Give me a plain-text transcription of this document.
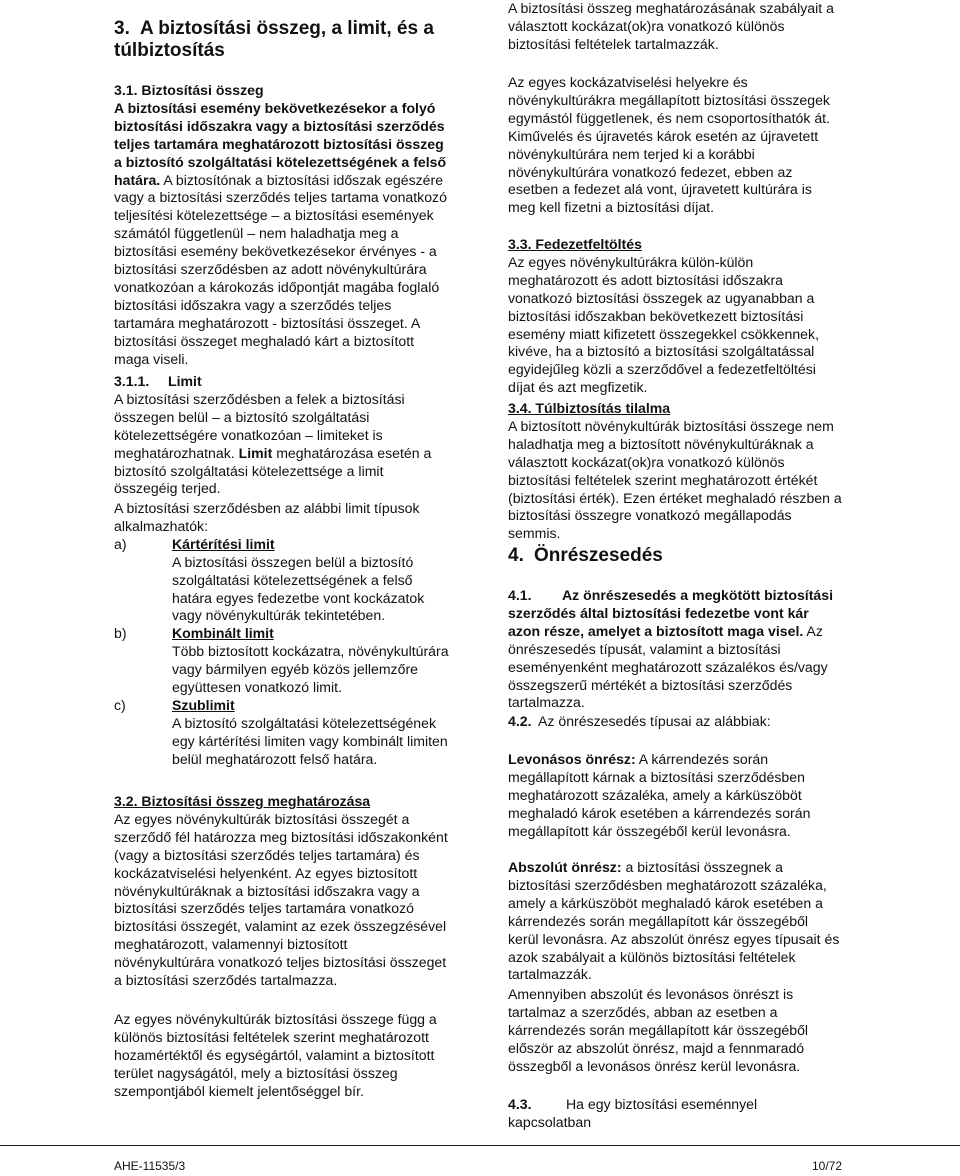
3. A biztosítási összeg, a limit, és a túlbiztosítás

3.1. Biztosítási összeg

A biztosítási esemény bekövetkezésekor a folyó biztosítási időszakra vagy a biztosítási szerződés teljes tartamára meghatározott biztosítási összeg a biztosító szolgáltatási kötelezettségének a felső határa. A biztosítónak a biztosítási időszak egészére vagy a biztosítási szerződés teljes tartama vonatkozó teljesítési kötelezettsége – a biztosítási események számától függetlenül – nem haladhatja meg a biztosítási esemény bekövetkezésekor érvényes - a biztosítási szerződésben az adott növénykultúrára vonatkozóan a károkozás időpontját magába foglaló biztosítási időszakra vagy a szerződés teljes tartamára meghatározott - biztosítási összeget. A biztosítási összeget meghaladó kárt a biztosított maga viseli.

3.1.1. Limit

A biztosítási szerződésben a felek a biztosítási összegen belül – a biztosító szolgáltatási kötelezettségére vonatkozóan – limiteket is meghatározhatnak. Limit meghatározása esetén a biztosító szolgáltatási kötelezettsége a limit összegéig terjed.

A biztosítási szerződésben az alábbi limit típusok alkalmazhatók:

a)	Kártérítési limit

A biztosítási összegen belül a biztosító szolgáltatási kötelezettségének a felső határa egyes fedezetbe vont kockázatok vagy növénykultúrák tekintetében.

b)	Kombinált limit

Több biztosított kockázatra, növénykultúrára vagy bármilyen egyéb közös jellemzőre együttesen vonatkozó limit.

c)	Szublimit

A biztosító szolgáltatási kötelezettségének egy kártérítési limiten vagy kombinált limiten belül meghatározott felső határa.

3.2. Biztosítási összeg meghatározása

Az egyes növénykultúrák biztosítási összegét a szerződő fél határozza meg biztosítási időszakonként (vagy a biztosítási szerződés teljes tartamára) és kockázatviselési helyenként. Az egyes biztosított növénykultúráknak a biztosítási időszakra vagy a biztosítási szerződés teljes tartamára vonatkozó biztosítási összegét, valamint az ezek összegzésével meghatározott, valamennyi biztosított növénykultúrára vonatkozó teljes biztosítási összeget a biztosítási szerződés tartalmazza.

Az egyes növénykultúrák biztosítási összege függ a különös biztosítási feltételek szerint meghatározott hozamértéktől és egységártól, valamint a biztosított terület nagyságától, mely a biztosítási összeg szempontjából kiemelt jelentőséggel bír.

A biztosítási összeg meghatározásának szabályait a választott kockázat(ok)ra vonatkozó különös biztosítási feltételek tartalmazzák.

Az egyes kockázatviselési helyekre és növénykultúrákra megállapított biztosítási összegek egymástól függetlenek, és nem csoportosíthatók át.

Kiművelés és újravetés károk esetén az újravetett növénykultúrára nem terjed ki a korábbi növénykultúrára vonatkozó fedezet, ebben az esetben a fedezet alá vont, újravetett kultúrára is meg kell fizetni a biztosítási díjat.

3.3. Fedezetfeltöltés

Az egyes növénykultúrákra külön-külön meghatározott és adott biztosítási időszakra vonatkozó biztosítási összegek az ugyanabban a biztosítási időszakban bekövetkezett biztosítási esemény miatt kifizetett összegekkel csökkennek, kivéve, ha a biztosító a biztosítási szolgáltatással egyidejűleg közli a szerződővel a fedezetfeltöltési díjat és azt megfizetik.

3.4. Túlbiztosítás tilalma

A biztosított növénykultúrák biztosítási összege nem haladhatja meg a biztosított növénykultúráknak a választott kockázat(ok)ra vonatkozó különös biztosítási feltételek szerint meghatározott értékét (biztosítási érték). Ezen értéket meghaladó részben a biztosítási összegre vonatkozó megállapodás semmis.

4. Önrészesedés

4.1. Az önrészesedés a megkötött biztosítási szerződés által biztosítási fedezetbe vont kár azon része, amelyet a biztosított maga visel. Az önrészesedés típusát, valamint a biztosítási eseményenként meghatározott százalékos és/vagy összegszerű mértékét a biztosítási szerződés tartalmazza.

4.2. Az önrészesedés típusai az alábbiak:

Levonásos önrész: A kárrendezés során megállapított kárnak a biztosítási szerződésben meghatározott százaléka, amely a kárküszöböt meghaladó károk esetében a kárrendezés során megállapított kár összegéből kerül levonásra.

Abszolút önrész: a biztosítási összegnek a biztosítási szerződésben meghatározott százaléka, amely a kárküszöböt meghaladó károk esetében a kárrendezés során megállapított kár összegéből kerül levonásra. Az abszolút önrész egyes típusait és azok szabályait a különös biztosítási feltételek tartalmazzák.

Amennyiben abszolút és levonásos önrészt is tartalmaz a szerződés, abban az esetben a kárrendezés során megállapított kár összegéből először az abszolút önrész, majd a fennmaradó összegből a levonásos önrész kerül levonásra.

4.3. Ha egy biztosítási eseménnyel kapcsolatban

AHE-11535/3	10/72
